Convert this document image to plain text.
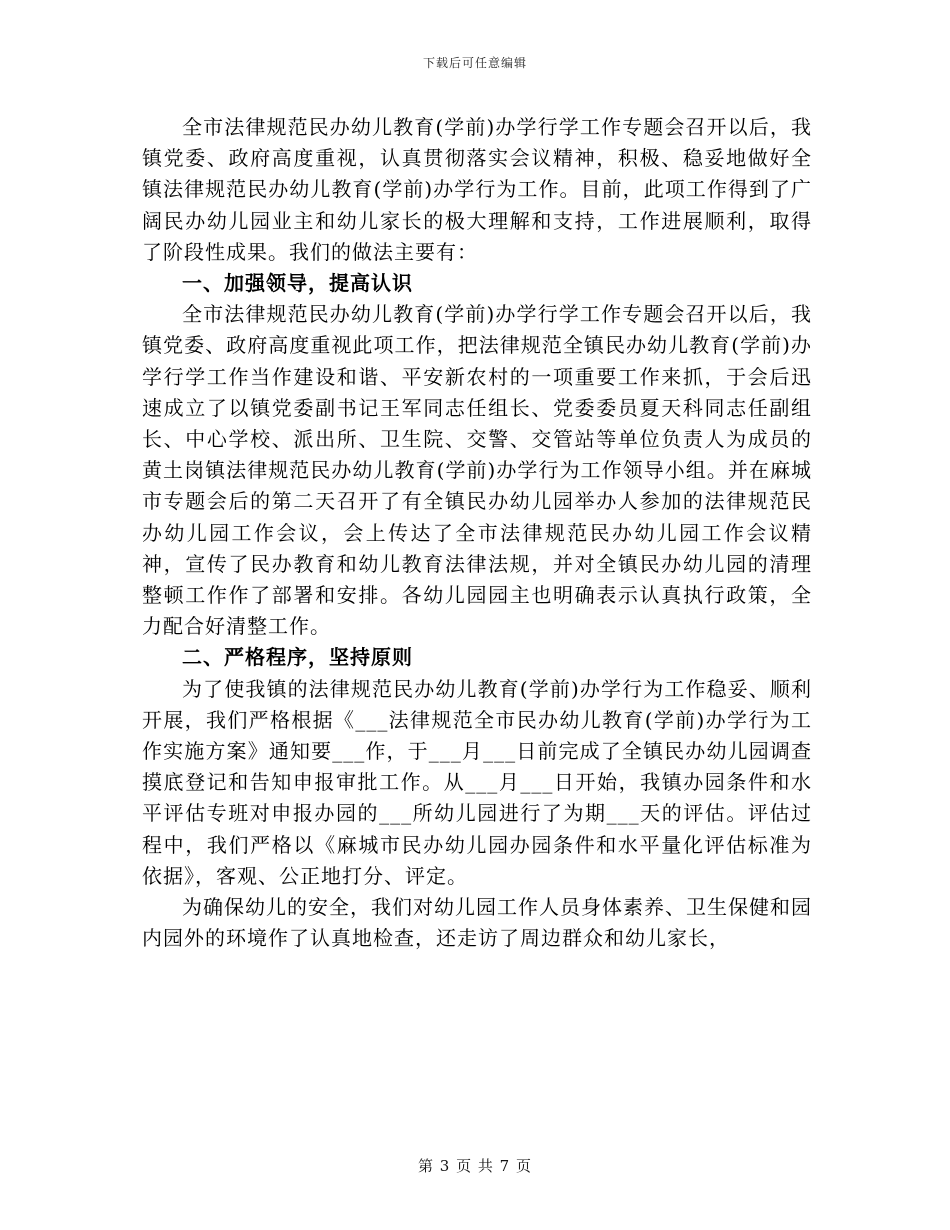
下载后可任意编辑

全市法律规范民办幼儿教育(学前)办学行学工作专题会召开以后，我镇党委、政府高度重视，认真贯彻落实会议精神，积极、稳妥地做好全镇法律规范民办幼儿教育(学前)办学行为工作。目前，此项工作得到了广阔民办幼儿园业主和幼儿家长的极大理解和支持，工作进展顺利，取得了阶段性成果。我们的做法主要有：

一、加强领导，提高认识

全市法律规范民办幼儿教育(学前)办学行学工作专题会召开以后，我镇党委、政府高度重视此项工作，把法律规范全镇民办幼儿教育(学前)办学行学工作当作建设和谐、平安新农村的一项重要工作来抓，于会后迅速成立了以镇党委副书记王军同志任组长、党委委员夏天科同志任副组长、中心学校、派出所、卫生院、交警、交管站等单位负责人为成员的黄土岗镇法律规范民办幼儿教育(学前)办学行为工作领导小组。并在麻城市专题会后的第二天召开了有全镇民办幼儿园举办人参加的法律规范民办幼儿园工作会议，会上传达了全市法律规范民办幼儿园工作会议精神，宣传了民办教育和幼儿教育法律法规，并对全镇民办幼儿园的清理整顿工作作了部署和安排。各幼儿园园主也明确表示认真执行政策，全力配合好清整工作。

二、严格程序，坚持原则

为了使我镇的法律规范民办幼儿教育(学前)办学行为工作稳妥、顺利开展，我们严格根据《___法律规范全市民办幼儿教育(学前)办学行为工作实施方案》通知要___作，于___月___日前完成了全镇民办幼儿园调查摸底登记和告知申报审批工作。从___月___日开始，我镇办园条件和水平评估专班对申报办园的___所幼儿园进行了为期___天的评估。评估过程中，我们严格以《麻城市民办幼儿园办园条件和水平量化评估标准为依据》，客观、公正地打分、评定。

为确保幼儿的安全，我们对幼儿园工作人员身体素养、卫生保健和园内园外的环境作了认真地检查，还走访了周边群众和幼儿家长，

第 3 页 共 7 页
